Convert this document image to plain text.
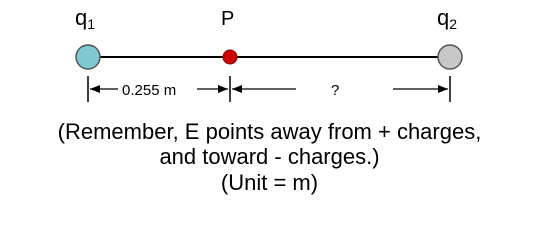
q1	P	q2
0.255 m	?
(Remember, E points away from + charges,
and toward - charges.)
(Unit = m)
